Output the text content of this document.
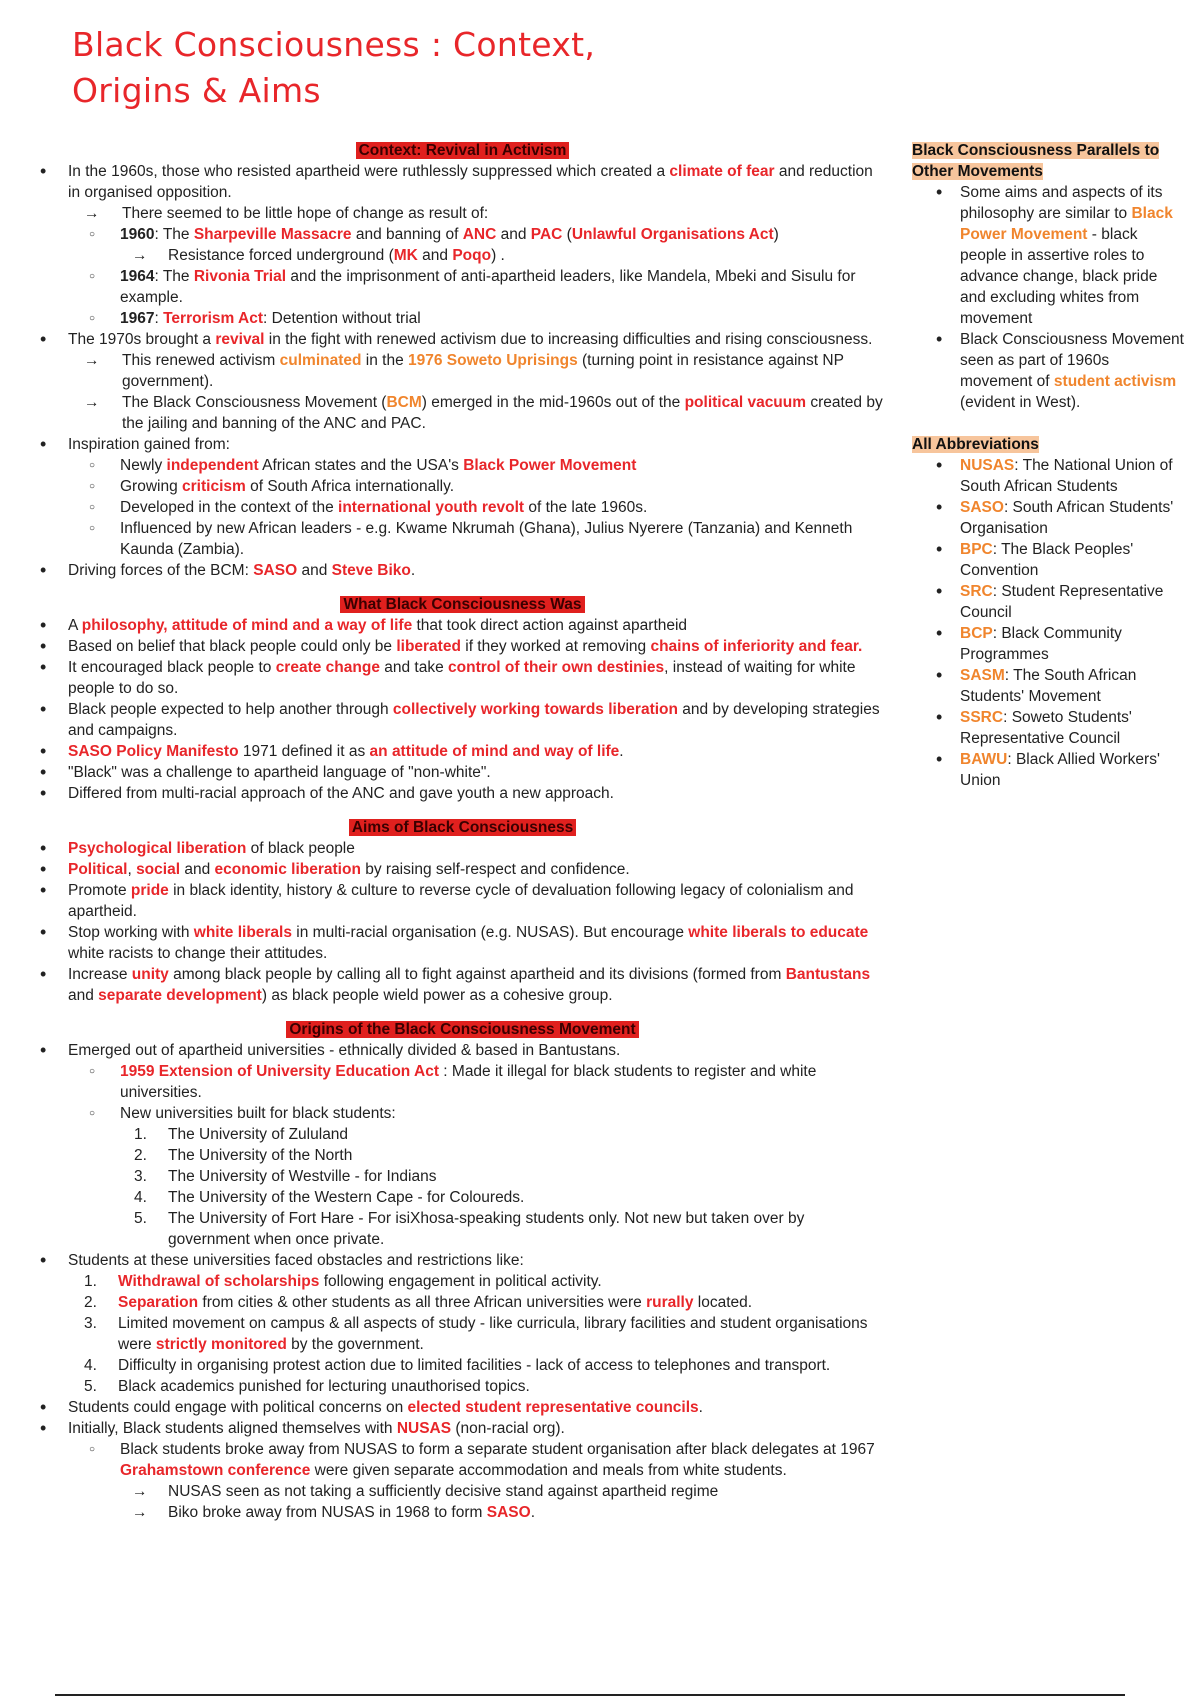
Black Consciousness : Context,
Origins & Aims
Context: Revival in Activism
• In the 1960s, those who resisted apartheid were ruthlessly suppressed which created a climate of fear and reduction in organised opposition.
→ There seemed to be little hope of change as result of:
○ 1960: The Sharpeville Massacre and banning of ANC and PAC (Unlawful Organisations Act)
→ Resistance forced underground (MK and Poqo) .
○ 1964: The Rivonia Trial and the imprisonment of anti-apartheid leaders, like Mandela, Mbeki and Sisulu for example.
○ 1967: Terrorism Act: Detention without trial
• The 1970s brought a revival in the fight with renewed activism due to increasing difficulties and rising consciousness.
→ This renewed activism culminated in the 1976 Soweto Uprisings (turning point in resistance against NP government).
→ The Black Consciousness Movement (BCM) emerged in the mid-1960s out of the political vacuum created by the jailing and banning of the ANC and PAC.
• Inspiration gained from:
○ Newly independent African states and the USA's Black Power Movement
○ Growing criticism of South Africa internationally.
○ Developed in the context of the international youth revolt of the late 1960s.
○ Influenced by new African leaders - e.g. Kwame Nkrumah (Ghana), Julius Nyerere (Tanzania) and Kenneth Kaunda (Zambia).
• Driving forces of the BCM: SASO and Steve Biko.
What Black Consciousness Was
• A philosophy, attitude of mind and a way of life that took direct action against apartheid
• Based on belief that black people could only be liberated if they worked at removing chains of inferiority and fear.
• It encouraged black people to create change and take control of their own destinies, instead of waiting for white people to do so.
• Black people expected to help another through collectively working towards liberation and by developing strategies and campaigns.
• SASO Policy Manifesto 1971 defined it as an attitude of mind and way of life.
• "Black" was a challenge to apartheid language of "non-white".
• Differed from multi-racial approach of the ANC and gave youth a new approach.
Aims of Black Consciousness
• Psychological liberation of black people
• Political, social and economic liberation by raising self-respect and confidence.
• Promote pride in black identity, history & culture to reverse cycle of devaluation following legacy of colonialism and apartheid.
• Stop working with white liberals in multi-racial organisation (e.g. NUSAS). But encourage white liberals to educate white racists to change their attitudes.
• Increase unity among black people by calling all to fight against apartheid and its divisions (formed from Bantustans and separate development) as black people wield power as a cohesive group.
Origins of the Black Consciousness Movement
• Emerged out of apartheid universities - ethnically divided & based in Bantustans.
○ 1959 Extension of University Education Act : Made it illegal for black students to register and white universities.
○ New universities built for black students:
1. The University of Zululand
2. The University of the North
3. The University of Westville - for Indians
4. The University of the Western Cape - for Coloureds.
5. The University of Fort Hare - For isiXhosa-speaking students only. Not new but taken over by government when once private.
• Students at these universities faced obstacles and restrictions like:
1. Withdrawal of scholarships following engagement in political activity.
2. Separation from cities & other students as all three African universities were rurally located.
3. Limited movement on campus & all aspects of study - like curricula, library facilities and student organisations were strictly monitored by the government.
4. Difficulty in organising protest action due to limited facilities - lack of access to telephones and transport.
5. Black academics punished for lecturing unauthorised topics.
• Students could engage with political concerns on elected student representative councils.
• Initially, Black students aligned themselves with NUSAS (non-racial org).
○ Black students broke away from NUSAS to form a separate student organisation after black delegates at 1967 Grahamstown conference were given separate accommodation and meals from white students.
→ NUSAS seen as not taking a sufficiently decisive stand against apartheid regime
→ Biko broke away from NUSAS in 1968 to form SASO.
Black Consciousness Parallels to Other Movements
• Some aims and aspects of its philosophy are similar to Black Power Movement - black people in assertive roles to advance change, black pride and excluding whites from movement
• Black Consciousness Movement seen as part of 1960s movement of student activism (evident in West).
All Abbreviations
• NUSAS: The National Union of South African Students
• SASO: South African Students' Organisation
• BPC: The Black Peoples' Convention
• SRC: Student Representative Council
• BCP: Black Community Programmes
• SASM: The South African Students' Movement
• SSRC: Soweto Students' Representative Council
• BAWU: Black Allied Workers' Union
